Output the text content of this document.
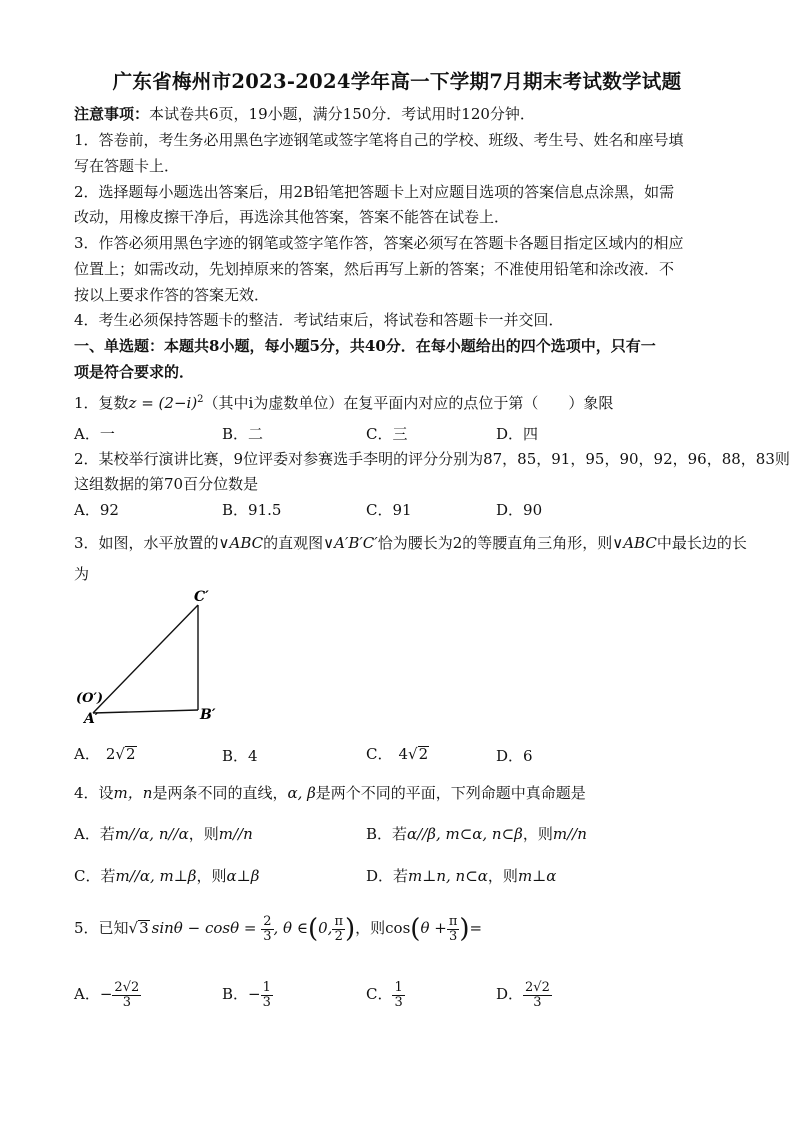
广东省梅州市2023-2024学年高一下学期7月期末考试数学试题
注意事项：本试卷共6页，19小题，满分150分．考试用时120分钟．
1．答卷前，考生务必用黑色字迹钢笔或签字笔将自己的学校、班级、考生号、姓名和座号填
写在答题卡上．
2．选择题每小题选出答案后，用2B铅笔把答题卡上对应题目选项的答案信息点涂黑，如需
改动，用橡皮擦干净后，再选涂其他答案，答案不能答在试卷上．
3．作答必须用黑色字迹的钢笔或签字笔作答，答案必须写在答题卡各题目指定区域内的相应
位置上；如需改动，先划掉原来的答案，然后再写上新的答案；不准使用铅笔和涂改液．不
按以上要求作答的答案无效．
4．考生必须保持答题卡的整洁．考试结束后，将试卷和答题卡一并交回．
一、单选题：本题共8小题，每小题5分，共40分．在每小题给出的四个选项中，只有一
项是符合要求的．
1．复数$z = (2-i)^2$（其中i为虚数单位）在复平面内对应的点位于第（　　）象限
A．一	B．二	C．三	D．四
2．某校举行演讲比赛，9位评委对参赛选手李明的评分分别为87，85，91，95，90，92，96，88，83则
这组数据的第70百分位数是
A．92	B．91.5	C．91	D．90
3．如图，水平放置的∨ABC的直观图∨A′B′C′恰为腰长为2的等腰直角三角形，则∨ABC中最长边的长
为
C′
(O′)
A′	B′
A． 2√2	B．4	C． 4√2	D．6
4．设m，n是两条不同的直线，α, β是两个不同的平面，下列命题中真命题是
A．若m//α, n//α，则m//n	B．若α//β, m⊂α, n⊂β，则m//n
C．若m//α, m⊥β，则α⊥β	D．若m⊥n, n⊂α，则m⊥α
5．已知√3 $\sin\theta - \cos\theta = \frac{2}{3}$ , θ ∈(0, $\frac{\pi}{2}$ )，则$\cos(\theta + \frac{\pi}{3}$ )=
A．− $\frac{2√2}{3}$	B．− $\frac{1}{3}$	C． $\frac{1}{3}$	D． $\frac{2√2}{3}$
